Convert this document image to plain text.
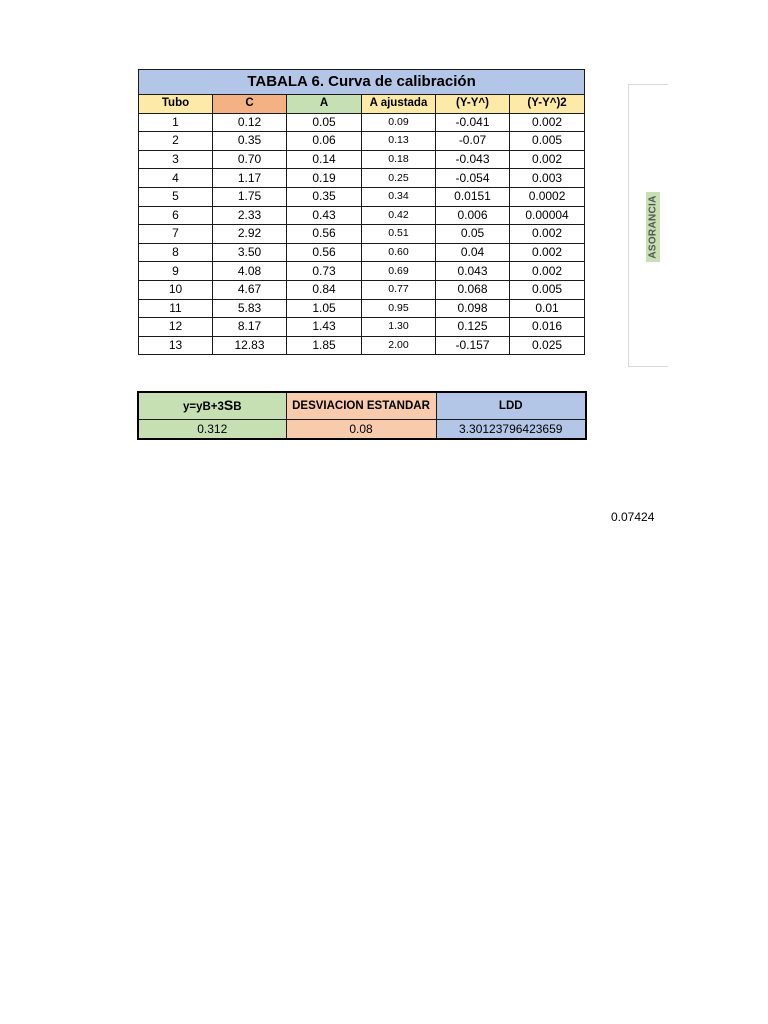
TABALA 6. Curva de calibración					
Tubo	C	A	A ajustada	(Y-Y^)	(Y-Y^)2
1	0.12	0.05	0.09	-0.041	0.002
2	0.35	0.06	0.13	-0.07	0.005
3	0.70	0.14	0.18	-0.043	0.002
4	1.17	0.19	0.25	-0.054	0.003
5	1.75	0.35	0.34	0.0151	0.0002
6	2.33	0.43	0.42	0.006	0.00004
7	2.92	0.56	0.51	0.05	0.002
8	3.50	0.56	0.60	0.04	0.002
9	4.08	0.73	0.69	0.043	0.002
10	4.67	0.84	0.77	0.068	0.005
11	5.83	1.05	0.95	0.098	0.01
12	8.17	1.43	1.30	0.125	0.016
13	12.83	1.85	2.00	-0.157	0.025
y=yB+3SB	DESVIACION ESTANDAR	LDD
0.312	0.08	3.30123796423659
ASORANCIA
0.07424
